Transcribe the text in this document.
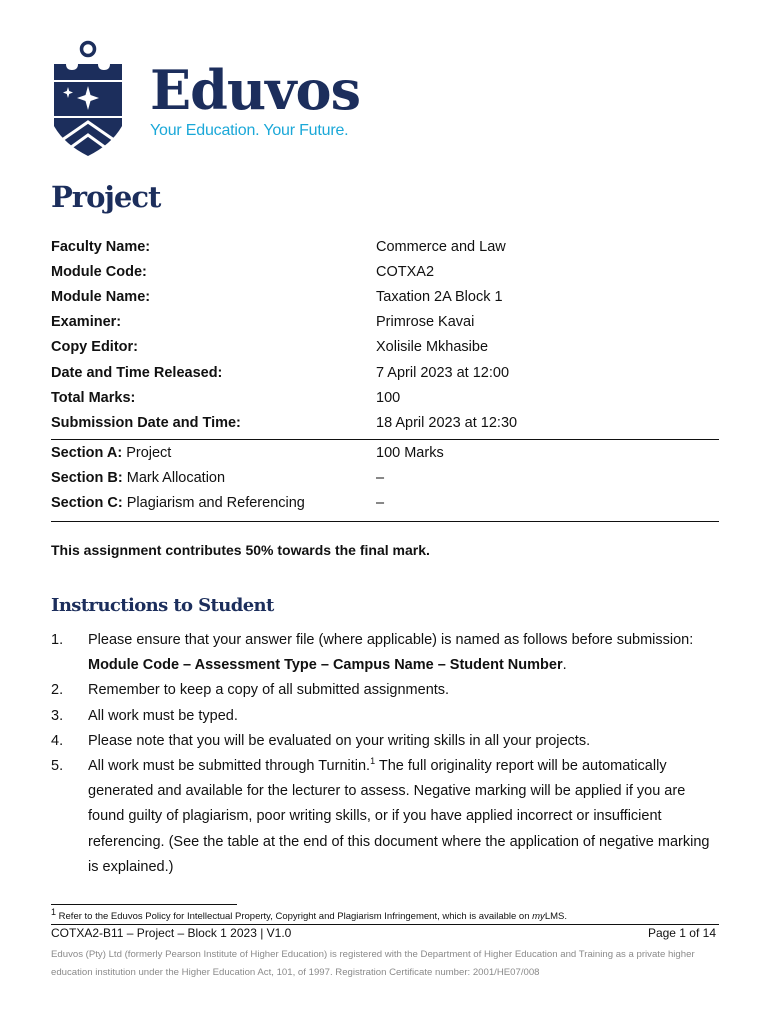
Eduvos
Your Education. Your Future.
Project
Faculty Name:	Commerce and Law
Module Code:	COTXA2
Module Name:	Taxation 2A Block 1
Examiner:	Primrose Kavai
Copy Editor:	Xolisile Mkhasibe
Date and Time Released:	7 April 2023 at 12:00
Total Marks:	100
Submission Date and Time:	18 April 2023 at 12:30
Section A: Project	100 Marks
Section B: Mark Allocation	–
Section C: Plagiarism and Referencing	–
This assignment contributes 50% towards the final mark.
Instructions to Student
1.	Please ensure that your answer file (where applicable) is named as follows before submission: Module Code – Assessment Type – Campus Name – Student Number.
2.	Remember to keep a copy of all submitted assignments.
3.	All work must be typed.
4.	Please note that you will be evaluated on your writing skills in all your projects.
5.	All work must be submitted through Turnitin.$^1$ The full originality report will be automatically generated and available for the lecturer to assess. Negative marking will be applied if you are found guilty of plagiarism, poor writing skills, or if you have applied incorrect or insufficient referencing. (See the table at the end of this document where the application of negative marking is explained.)
$^1$ Refer to the Eduvos Policy for Intellectual Property, Copyright and Plagiarism Infringement, which is available on myLMS.
COTXA2-B11 – Project – Block 1 2023 | V1.0	Page 1 of 14
Eduvos (Pty) Ltd (formerly Pearson Institute of Higher Education) is registered with the Department of Higher Education and Training as a private higher education institution under the Higher Education Act, 101, of 1997. Registration Certificate number: 2001/HE07/008
